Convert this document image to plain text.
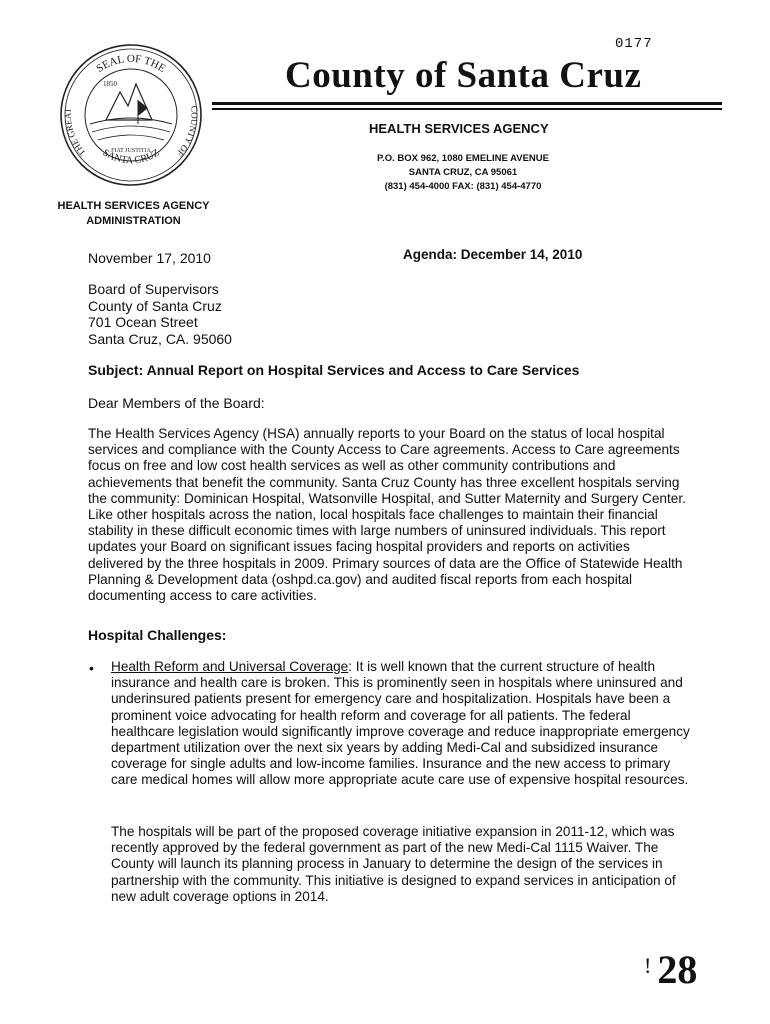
0177
SEAL OF THE
THE GREAT	COUNTY OF
SANTA CRUZ
1850
FIAT JUSTITIA
County of Santa Cruz
HEALTH SERVICES AGENCY
P.O. BOX 962, 1080 EMELINE AVENUE
SANTA CRUZ, CA 95061
(831) 454-4000 FAX: (831) 454-4770
HEALTH SERVICES AGENCY
ADMINISTRATION
November 17, 2010	Agenda: December 14, 2010
Board of Supervisors
County of Santa Cruz
701 Ocean Street
Santa Cruz, CA. 95060
Subject: Annual Report on Hospital Services and Access to Care Services
Dear Members of the Board:
The Health Services Agency (HSA) annually reports to your Board on the status of local hospital services and compliance with the County Access to Care agreements. Access to Care agreements focus on free and low cost health services as well as other community contributions and achievements that benefit the community. Santa Cruz County has three excellent hospitals serving the community: Dominican Hospital, Watsonville Hospital, and Sutter Maternity and Surgery Center. Like other hospitals across the nation, local hospitals face challenges to maintain their financial stability in these difficult economic times with large numbers of uninsured individuals. This report updates your Board on significant issues facing hospital providers and reports on activities delivered by the three hospitals in 2009. Primary sources of data are the Office of Statewide Health Planning & Development data (oshpd.ca.gov) and audited fiscal reports from each hospital documenting access to care activities.
Hospital Challenges:
• Health Reform and Universal Coverage: It is well known that the current structure of health insurance and health care is broken. This is prominently seen in hospitals where uninsured and underinsured patients present for emergency care and hospitalization. Hospitals have been a prominent voice advocating for health reform and coverage for all patients. The federal healthcare legislation would significantly improve coverage and reduce inappropriate emergency department utilization over the next six years by adding Medi-Cal and subsidized insurance coverage for single adults and low-income families. Insurance and the new access to primary care medical homes will allow more appropriate acute care use of expensive hospital resources.
The hospitals will be part of the proposed coverage initiative expansion in 2011-12, which was recently approved by the federal government as part of the new Medi-Cal 1115 Waiver. The County will launch its planning process in January to determine the design of the services in partnership with the community. This initiative is designed to expand services in anticipation of new adult coverage options in 2014.
! 28
